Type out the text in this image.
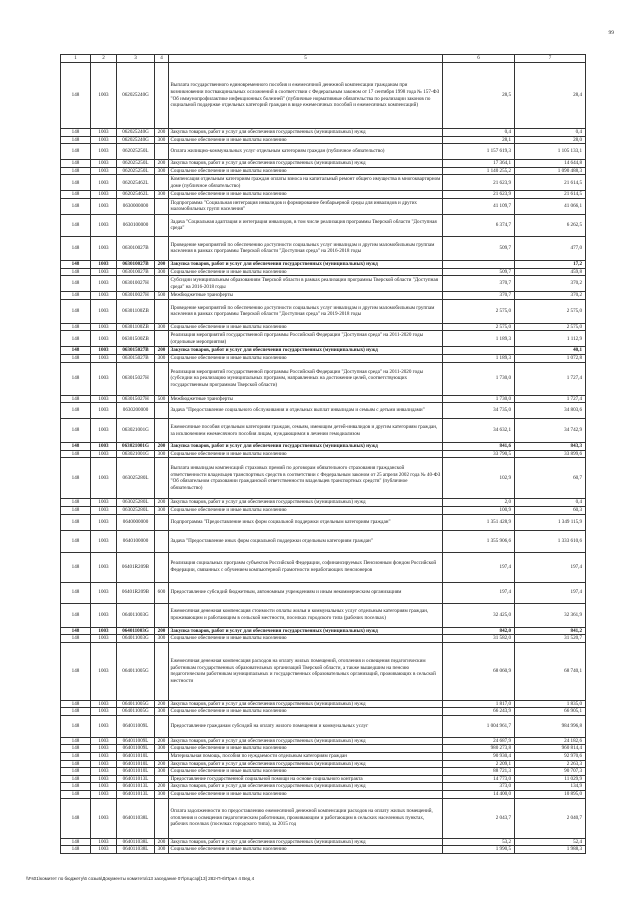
99
1	2	3	4	5	6	7
148	1003	062025240G		Выплата государственного единовременного пособия и ежемесячной денежной компенсации гражданам при возникновении поствакцинальных осложнений в соответствии с Федеральным законом от 17 сентября 1998 года № 157-ФЗ "Об иммунопрофилактике инфекционных болезней" (публичные нормативные обязательства по реализации законов по социальной поддержке отдельных категорий граждан в виде ежемесячных пособий и ежемесячных компенсаций)	28,5	28,4
148	1003	062025240G	200	Закупка товаров, работ и услуг для обеспечения государственных (муниципальных) нужд	0,4	0,4
148	1003	062025240G	300	Социальное обеспечение и иные выплаты населению	28,1	28,0
148	1003	062025250L		Оплата жилищно-коммунальных услуг отдельным категориям граждан (публичное обязательство)	1 157 619,3	1 105 133,1
148	1003	062025250L	200	Закупка товаров, работ и услуг для обеспечения государственных (муниципальных) нужд	17 364,1	14 644,8
148	1003	062025250L	300	Социальное обеспечение и иные выплаты населению	1 140 255,2	1 090 488,3
148	1003	062025462L		Компенсация отдельным категориям граждан оплаты взноса на капитальный ремонт общего имущества в многоквартирном доме (публичное обязательство)	21 623,9	21 614,5
148	1003	062025462L	300	Социальное обеспечение и иные выплаты населению	21 623,9	21 614,5
148	1003	0630000000		Подпрограмма "Социальная интеграция инвалидов и формирование безбарьерной среды для инвалидов и других маломобильных групп населения"	41 109,7	41 066,1
148	1003	0630100000		Задача "Социальная адаптация и интеграция инвалидов, в том числе реализация программы Тверской области "Доступная среда"	6 374,7	6 262,5
148	1003	063010027B		Проведение мероприятий по обеспечению доступности социальных услуг инвалидам и другим маломобильным группам населения в рамках программы Тверской области "Доступная среда" на 2016-2018 годы	509,7	477,0
148	1003	063010027B	200	Закупка товаров, работ и услуг для обеспечения государственных (муниципальных) нужд		17,2
148	1003	063010027B	300	Социальное обеспечение и иные выплаты населению	509,7	459,8
148	1003	063010027H		Субсидии муниципальным образованиям Тверской области в рамках реализации программы Тверской области "Доступная среда" на 2016-2018 годы	370,7	370,2
148	1003	063010027H	500	Межбюджетные трансферты	370,7	370,2
148	1003	06301100ZB		Проведение мероприятий по обеспечению доступности социальных услуг инвалидам и другим маломобильным группам населения в рамках программы Тверской области "Доступная среда" на 2019-2018 годы	2 575,0	2 575,0
148	1003	06301100ZB	300	Социальное обеспечение и иные выплаты населению	2 575,0	2 575,0
148	1003	06301500ZB		Реализация мероприятий государственной программы Российской Федерации "Доступная среда" на 2011-2020 годы (отдельные мероприятия)	1 189,3	1 112,9
148	1003	063015027B	200	Закупка товаров, работ и услуг для обеспечения государственных (муниципальных) нужд		40,1
148	1003	063015027B	300	Социальное обеспечение и иные выплаты населению	1 189,3	1 072,8
148	1003	063015027H		Реализация мероприятий государственной программы Российской Федерации "Доступная среда" на 2011-2020 годы (субсидии на реализацию муниципальных программ, направленных на достижение целей, соответствующих государственным программам Тверской области)	1 730,0	1 727,4
148	1003	063015027H	500	Межбюджетные трансферты	1 730,0	1 727,4
148	1003	0630200000		Задача "Предоставление социального обслуживания и отдельных выплат инвалидам и семьям с детьми инвалидами"	34 735,0	34 803,6
148	1003	063021001G		Ежемесячные пособия отдельным категориям граждан, семьям, имеющим детей-инвалидов и другим категориям граждан, за исключением ежемесячного пособия лицам, нуждающимся в лечении гемодиализом	34 632,1	34 742,9
148	1003	063021001G	200	Закупка товаров, работ и услуг для обеспечения государственных (муниципальных) нужд	841,6	843,3
148	1003	063021001G	300	Социальное обеспечение и иные выплаты населению	33 790,5	33 899,6
148	1003	063025280L		Выплата инвалидам компенсаций страховых премий по договорам обязательного страхования гражданской ответственности владельцев транспортных средств в соответствии с Федеральным законом от 25 апреля 2002 года № 40-ФЗ "Об обязательном страховании гражданской ответственности владельцев транспортных средств" (публичное обязательство)	102,9	60,7
148	1003	063025280L	200	Закупка товаров, работ и услуг для обеспечения государственных (муниципальных) нужд	2,0	0,4
148	1003	063025280L	300	Социальное обеспечение и иные выплаты населению	100,9	60,3
148	1003	0640000000		Подпрограмма "Предоставление иных форм социальной поддержки отдельным категориям граждан"	1 351 428,9	1 349 115,9
148	1003	0640100000		Задача "Предоставление иных форм социальной поддержки отдельным категориям граждан"	1 355 906,6	1 333 610,6
148	1003	06401R209B		Реализация социальных программ субъектов Российской Федерации, софинансируемых Пенсионным фондом Российской Федерации, связанных с обучением компьютерной грамотности неработающих пенсионеров	197,4	197,4
148	1003	06401R209B	600	Предоставление субсидий бюджетным, автономным учреждениям и иным некоммерческим организациям	197,4	197,4
148	1003	064011003G		Ежемесячная денежная компенсация стоимости оплаты жилья и коммунальных услуг отдельным категориям граждан, проживающим и работающим в сельской местности, поселках городского типа (рабочих поселках)	32 425,0	32 361,9
148	1003	064011003G	200	Закупка товаров, работ и услуг для обеспечения государственных (муниципальных) нужд	842,0	841,2
148	1003	064011003G	300	Социальное обеспечение и иные выплаты населению	31 582,0	31 520,7
148	1003	064011005G		Ежемесячная денежная компенсация расходов на оплату жилых помещений, отопления и освещения педагогическим работникам государственных образовательных организаций Тверской области, а также вышедшим на пенсию педагогическим работникам муниципальных и государственных образовательных организаций, проживающих в сельской местности	68 060,9	68 740,1
148	1003	064011005G	200	Закупка товаров, работ и услуг для обеспечения государственных (муниципальных) нужд	1 817,0	1 835,0
148	1003	064011005G	300	Социальное обеспечение и иные выплаты населению	66 243,9	66 905,1
148	1003	064011009L		Предоставление гражданам субсидий на оплату жилого помещения и коммунальных услуг	1 004 961,7	984 996,8
148	1003	064011009L	200	Закупка товаров, работ и услуг для обеспечения государственных (муниципальных) нужд	24 687,9	24 182,6
148	1003	064011009L	300	Социальное обеспечение и иные выплаты населению	980 273,8	960 814,4
148	1003	064011010L		Материальная помощь, пособия по нуждаемости отдельным категориям граждан	90 930,4	92 970,6
148	1003	064011010L	200	Закупка товаров, работ и услуг для обеспечения государственных (муниципальных) нужд	2 209,1	2 263,3
148	1003	064011010L	300	Социальное обеспечение и иные выплаты населению	88 721,3	90 707,3
148	1003	064011013L		Предоставление государственной социальной помощи на основе социального контракта	14 773,0	11 029,9
148	1003	064011013L	200	Закупка товаров, работ и услуг для обеспечения государственных (муниципальных) нужд	373,0	134,9
148	1003	064011013L	300	Социальное обеспечение и иные выплаты населению	14 400,0	10 895,0
148	1003	064011038L		Оплата задолженности по предоставлению ежемесячной денежной компенсации расходов на оплату жилых помещений, отопления и освещения педагогическим работникам, проживающим и работающим в сельских населенных пунктах, рабочих поселках (поселках городского типа), за 2015 год	2 043,7	2 040,7
148	1003	064011038L	200	Закупка товаров, работ и услуг для обеспечения государственных (муниципальных) нужд	53,2	52,4
148	1003	064011038L	300	Социальное обеспечение и иные выплаты населению	1 990,5	1 988,3
\\Fs01\комитет по бюджету\6 созыв\Документы комитета\13 заседание 07\ргщсзр[13] 282-П-6\Прил 4 Вед 4
